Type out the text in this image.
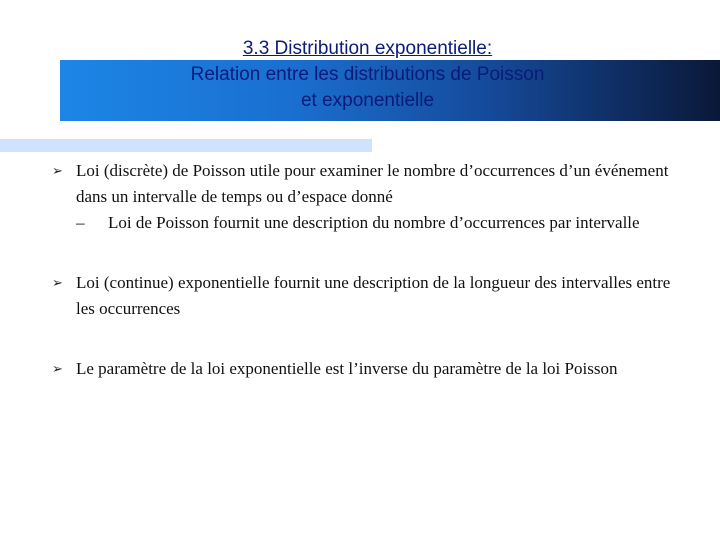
3.3 Distribution exponentielle:
Relation entre les distributions de Poisson
et exponentielle
➢ Loi (discrète) de Poisson utile pour examiner le nombre d’occurrences d’un événement dans un intervalle de temps ou d’espace donné
– Loi de Poisson fournit une description du nombre d’occurrences par intervalle
➢ Loi (continue) exponentielle fournit une description de la longueur des intervalles entre les occurrences
➢ Le paramètre de la loi exponentielle est l’inverse du paramètre de la loi Poisson
